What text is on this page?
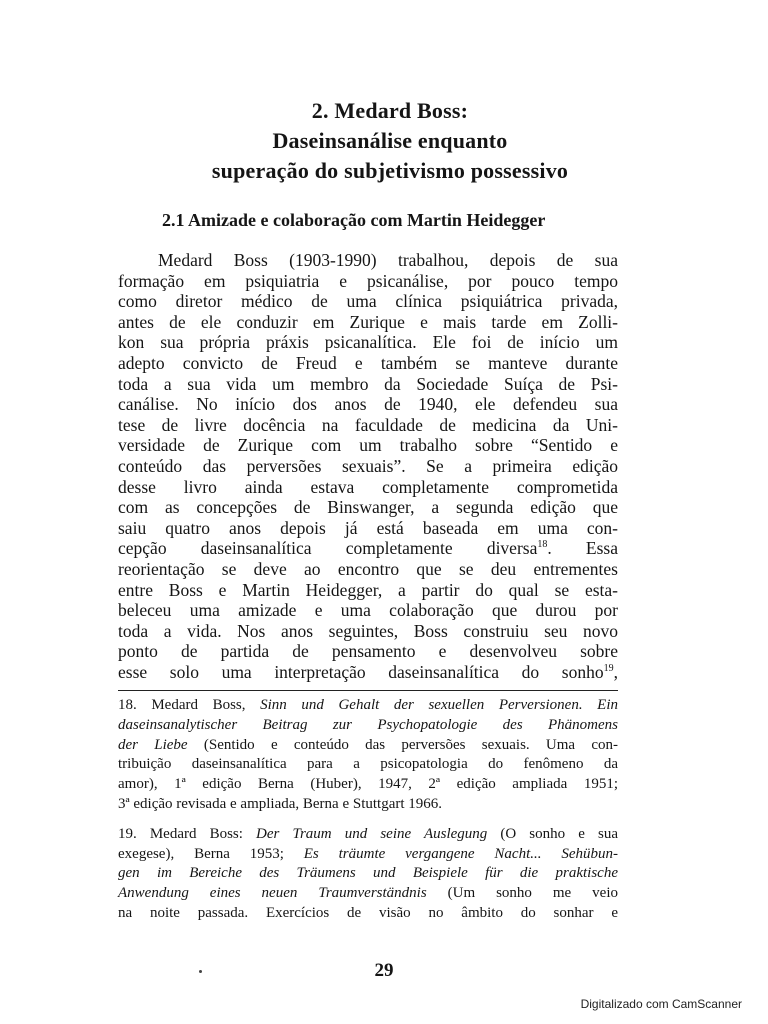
2. Medard Boss:
Daseinsanálise enquanto
superação do subjetivismo possessivo
2.1 Amizade e colaboração com Martin Heidegger
Medard Boss (1903-1990) trabalhou, depois de sua
formação em psiquiatria e psicanálise, por pouco tempo
como diretor médico de uma clínica psiquiátrica privada,
antes de ele conduzir em Zurique e mais tarde em Zolli-
kon sua própria práxis psicanalítica. Ele foi de início um
adepto convicto de Freud e também se manteve durante
toda a sua vida um membro da Sociedade Suíça de Psi-
canálise. No início dos anos de 1940, ele defendeu sua
tese de livre docência na faculdade de medicina da Uni-
versidade de Zurique com um trabalho sobre “Sentido e
conteúdo das perversões sexuais”. Se a primeira edição
desse livro ainda estava completamente comprometida
com as concepções de Binswanger, a segunda edição que
saiu quatro anos depois já está baseada em uma con-
cepção daseinsanalítica completamente diversa$^{18}$. Essa
reorientação se deve ao encontro que se deu entrementes
entre Boss e Martin Heidegger, a partir do qual se esta-
beleceu uma amizade e uma colaboração que durou por
toda a vida. Nos anos seguintes, Boss construiu seu novo
ponto de partida de pensamento e desenvolveu sobre
esse solo uma interpretação daseinsanalítica do sonho$^{19}$,
18. Medard Boss, Sinn und Gehalt der sexuellen Perversionen. Ein
daseinsanalytischer Beitrag zur Psychopatologie des Phänomens
der Liebe (Sentido e conteúdo das perversões sexuais. Uma con-
tribuição daseinsanalítica para a psicopatologia do fenômeno da
amor), 1ª edição Berna (Huber), 1947, 2ª edição ampliada 1951;
3ª edição revisada e ampliada, Berna e Stuttgart 1966.
19. Medard Boss: Der Traum und seine Auslegung (O sonho e sua
exegese), Berna 1953; Es träumte vergangene Nacht... Sehübun-
gen im Bereiche des Träumens und Beispiele für die praktische
Anwendung eines neuen Traumverständnis (Um sonho me veio
na noite passada. Exercícios de visão no âmbito do sonhar e
29
Digitalizado com CamScanner
